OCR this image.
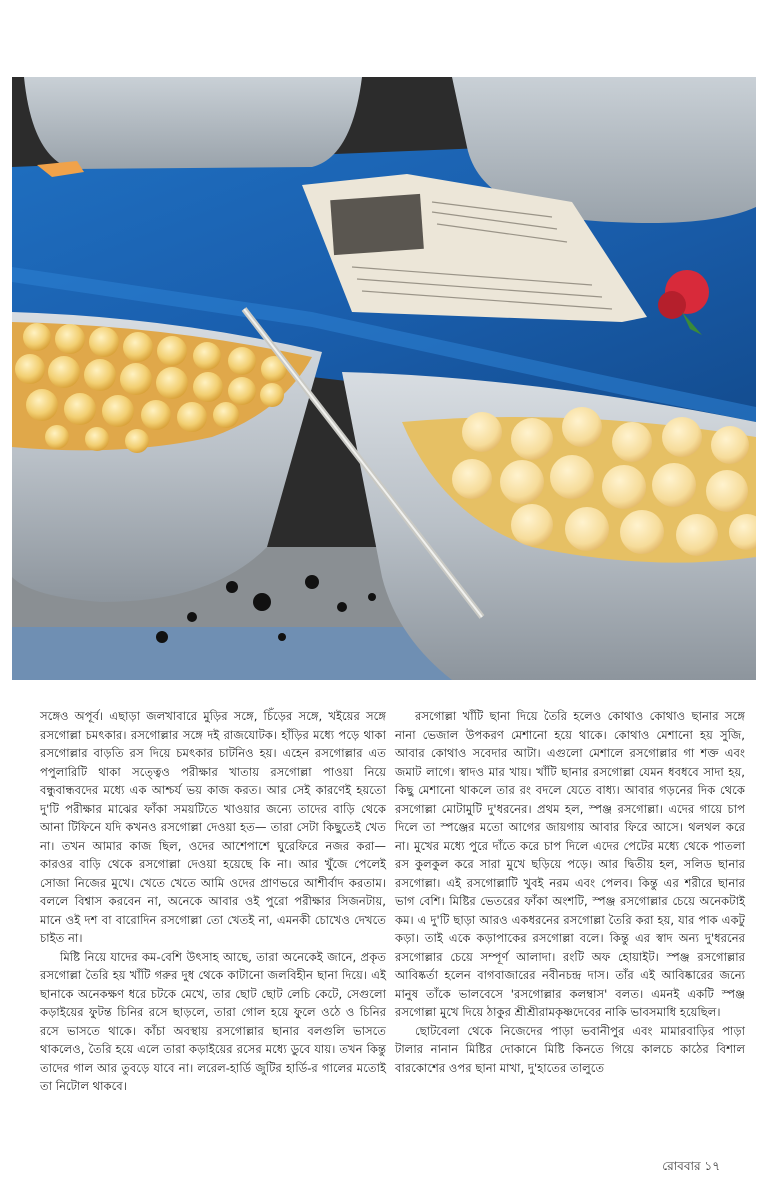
সঙ্গেও অপূর্ব। এছাড়া জলখাবারে মুড়ির সঙ্গে, চিঁড়ের সঙ্গে, খইয়ের সঙ্গে রসগোল্লা চমৎকার। রসগোল্লার সঙ্গে দই রাজযোটক। হাঁড়ির মধ্যে পড়ে থাকা রসগোল্লার বাড়তি রস দিয়ে চমৎকার চাটনিও হয়। এহেন রসগোল্লার এত পপুলারিটি থাকা সত্ত্বেও পরীক্ষার খাতায় রসগোল্লা পাওয়া নিয়ে বন্ধুবান্ধবদের মধ্যে এক আশ্চর্য ভয় কাজ করত। আর সেই কারণেই হয়তো দু'টি পরীক্ষার মাঝের ফাঁকা সময়টিতে খাওয়ার জন্যে তাদের বাড়ি থেকে আনা টিফিনে যদি কখনও রসগোল্লা দেওয়া হত— তারা সেটা কিছুতেই খেত না। তখন আমার কাজ ছিল, ওদের আশেপাশে ঘুরেফিরে নজর করা— কারওর বাড়ি থেকে রসগোল্লা দেওয়া হয়েছে কি না। আর খুঁজে পেলেই সোজা নিজের মুখে। খেতে খেতে আমি ওদের প্রাণভরে আশীর্বাদ করতাম। বললে বিশ্বাস করবেন না, অনেকে আবার ওই পুরো পরীক্ষার সিজনটায়, মানে ওই দশ বা বারোদিন রসগোল্লা তো খেতই না, এমনকী চোখেও দেখতে চাইত না।

মিষ্টি নিয়ে যাদের কম-বেশি উৎসাহ আছে, তারা অনেকেই জানে, প্রকৃত রসগোল্লা তৈরি হয় খাঁটি গরুর দুধ থেকে কাটানো জলবিহীন ছানা দিয়ে। এই ছানাকে অনেকক্ষণ ধরে চটকে মেখে, তার ছোট ছোট লেচি কেটে, সেগুলো কড়াইয়ের ফুটন্ত চিনির রসে ছাড়লে, তারা গোল হয়ে ফুলে ওঠে ও চিনির রসে ভাসতে থাকে। কাঁচা অবস্থায় রসগোল্লার ছানার বলগুলি ভাসতে থাকলেও, তৈরি হয়ে এলে তারা কড়াইয়ের রসের মধ্যে ডুবে যায়। তখন কিন্তু তাদের গাল আর তুবড়ে যাবে না। লরেল-হার্ডি জুটির হার্ডি-র গালের মতোই তা নিটোল থাকবে।

রসগোল্লা খাঁটি ছানা দিয়ে তৈরি হলেও কোথাও কোথাও ছানার সঙ্গে নানা ভেজাল উপকরণ মেশানো হয়ে থাকে। কোথাও মেশানো হয় সুজি, আবার কোথাও সবেদার আটা। এগুলো মেশালে রসগোল্লার গা শক্ত এবং জমাট লাগে। স্বাদও মার খায়। খাঁটি ছানার রসগোল্লা যেমন ধবধবে সাদা হয়, কিছু মেশানো থাকলে তার রং বদলে যেতে বাধ্য। আবার গড়নের দিক থেকে রসগোল্লা মোটামুটি দু'ধরনের। প্রথম হল, স্পঞ্জ রসগোল্লা। এদের গায়ে চাপ দিলে তা স্পঞ্জের মতো আগের জায়গায় আবার ফিরে আসে। থলথল করে না। মুখের মধ্যে পুরে দাঁতে করে চাপ দিলে এদের পেটের মধ্যে থেকে পাতলা রস কুলকুল করে সারা মুখে ছড়িয়ে পড়ে। আর দ্বিতীয় হল, সলিড ছানার রসগোল্লা। এই রসগোল্লাটি খুবই নরম এবং পেলব। কিন্তু এর শরীরে ছানার ভাগ বেশি। মিষ্টির ভেতরের ফাঁকা অংশটি, স্পঞ্জ রসগোল্লার চেয়ে অনেকটাই কম। এ দু'টি ছাড়া আরও একধরনের রসগোল্লা তৈরি করা হয়, যার পাক একটু কড়া। তাই একে কড়াপাকের রসগোল্লা বলে। কিন্তু এর স্বাদ অন্য দু'ধরনের রসগোল্লার চেয়ে সম্পূর্ণ আলাদা। রংটি অফ হোয়াইট। স্পঞ্জ রসগোল্লার আবিষ্কর্তা হলেন বাগবাজারের নবীনচন্দ্র দাস। তাঁর এই আবিষ্কারের জন্যে মানুষ তাঁকে ভালবেসে 'রসগোল্লার কলম্বাস' বলত। এমনই একটি স্পঞ্জ রসগোল্লা মুখে দিয়ে ঠাকুর শ্রীশ্রীরামকৃষ্ণদেবের নাকি ভাবসমাধি হয়েছিল।

ছোটবেলা থেকে নিজেদের পাড়া ভবানীপুর এবং মামারবাড়ির পাড়া টালার নানান মিষ্টির দোকানে মিষ্টি কিনতে গিয়ে কালচে কাঠের বিশাল বারকোশের ওপর ছানা মাখা, দু'হাতের তালুতে

রোববার ১৭
